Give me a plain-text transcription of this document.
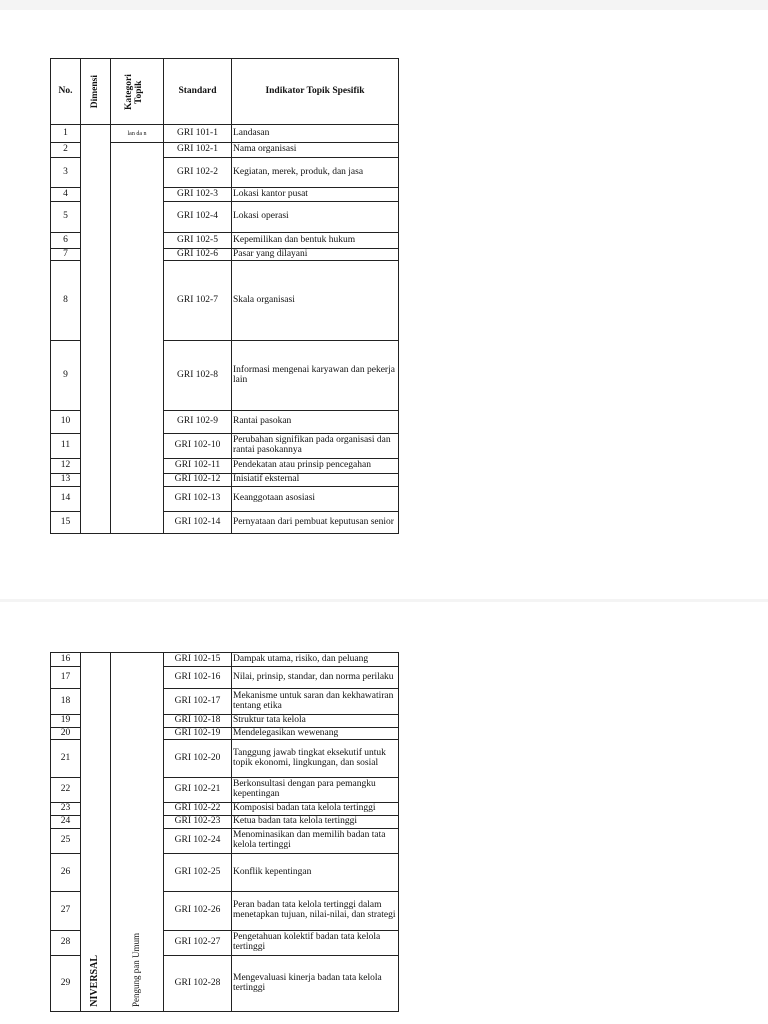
No.	Dimensi	Kategori Topik	Standard	Indikator Topik Spesifik
1		lan da n	GRI 101-1	Landasan
2			GRI 102-1	Nama organisasi
3			GRI 102-2	Kegiatan, merek, produk, dan jasa
4			GRI 102-3	Lokasi kantor pusat
5			GRI 102-4	Lokasi operasi
6			GRI 102-5	Kepemilikan dan bentuk hukum
7			GRI 102-6	Pasar yang dilayani
8			GRI 102-7	Skala organisasi
9			GRI 102-8	Informasi mengenai karyawan dan pekerja lain
10			GRI 102-9	Rantai pasokan
11			GRI 102-10	Perubahan signifikan pada organisasi dan rantai pasokannya
12			GRI 102-11	Pendekatan atau prinsip pencegahan
13			GRI 102-12	Inisiatif eksternal
14			GRI 102-13	Keanggotaan asosiasi
15			GRI 102-14	Pernyataan dari pembuat keputusan senior
16	NIVERSAL	Pengung pan Umum	GRI 102-15	Dampak utama, risiko, dan peluang
17			GRI 102-16	Nilai, prinsip, standar, dan norma perilaku
18			GRI 102-17	Mekanisme untuk saran dan kekhawatiran tentang etika
19			GRI 102-18	Struktur tata kelola
20			GRI 102-19	Mendelegasikan wewenang
21			GRI 102-20	Tanggung jawab tingkat eksekutif untuk topik ekonomi, lingkungan, dan sosial
22			GRI 102-21	Berkonsultasi dengan para pemangku kepentingan
23			GRI 102-22	Komposisi badan tata kelola tertinggi
24			GRI 102-23	Ketua badan tata kelola tertinggi
25			GRI 102-24	Menominasikan dan memilih badan tata kelola tertinggi
26			GRI 102-25	Konflik kepentingan
27			GRI 102-26	Peran badan tata kelola tertinggi dalam menetapkan tujuan, nilai-nilai, dan strategi
28			GRI 102-27	Pengetahuan kolektif badan tata kelola tertinggi
29			GRI 102-28	Mengevaluasi kinerja badan tata kelola tertinggi
